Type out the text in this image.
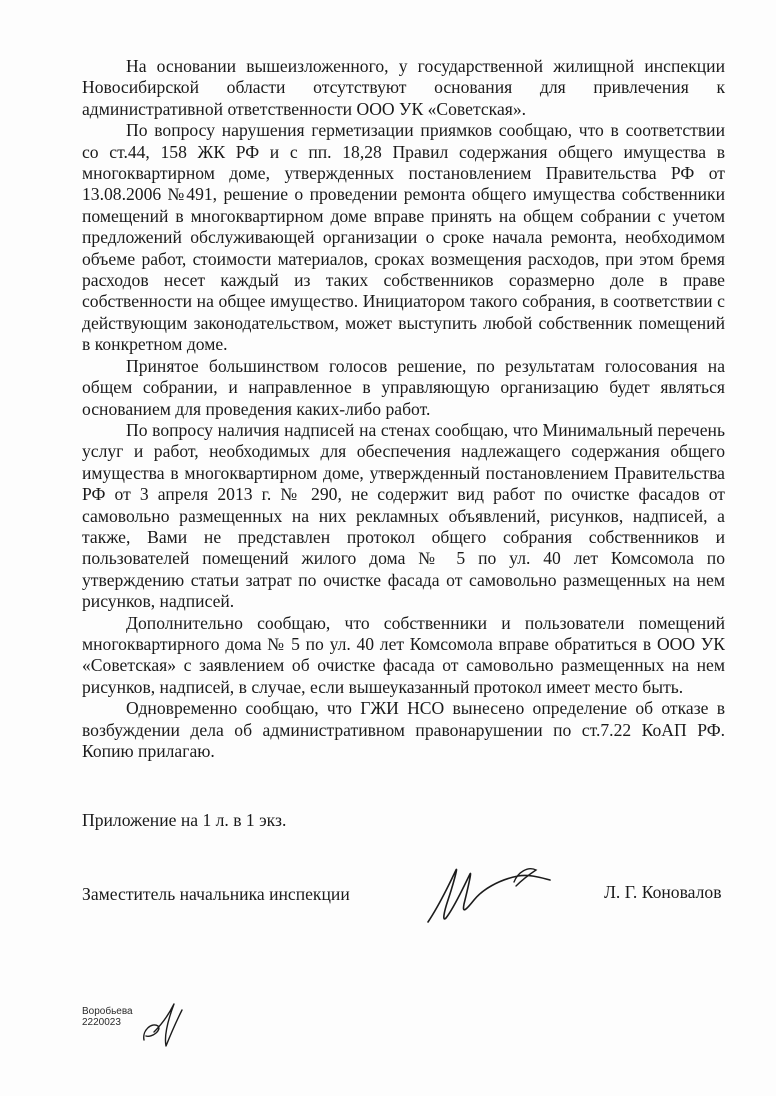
На основании вышеизложенного, у государственной жилищной инспекции Новосибирской области отсутствуют основания для привлечения к административной ответственности ООО УК «Советская».

По вопросу нарушения герметизации приямков сообщаю, что в соответствии со ст.44, 158 ЖК РФ и с пп. 18,28 Правил содержания общего имущества в многоквартирном доме, утвержденных постановлением Правительства РФ от 13.08.2006 №491, решение о проведении ремонта общего имущества собственники помещений в многоквартирном доме вправе принять на общем собрании с учетом предложений обслуживающей организации о сроке начала ремонта, необходимом объеме работ, стоимости материалов, сроках возмещения расходов, при этом бремя расходов несет каждый из таких собственников соразмерно доле в праве собственности на общее имущество. Инициатором такого собрания, в соответствии с действующим законодательством, может выступить любой собственник помещений в конкретном доме.

Принятое большинством голосов решение, по результатам голосования на общем собрании, и направленное в управляющую организацию будет являться основанием для проведения каких-либо работ.

По вопросу наличия надписей на стенах сообщаю, что Минимальный перечень услуг и работ, необходимых для обеспечения надлежащего содержания общего имущества в многоквартирном доме, утвержденный постановлением Правительства РФ от 3 апреля 2013 г. № 290, не содержит вид работ по очистке фасадов от самовольно размещенных на них рекламных объявлений, рисунков, надписей, а также, Вами не представлен протокол общего собрания собственников и пользователей помещений жилого дома № 5 по ул. 40 лет Комсомола по утверждению статьи затрат по очистке фасада от самовольно размещенных на нем рисунков, надписей.

Дополнительно сообщаю, что собственники и пользователи помещений многоквартирного дома № 5 по ул. 40 лет Комсомола вправе обратиться в ООО УК «Советская» с заявлением об очистке фасада от самовольно размещенных на нем рисунков, надписей, в случае, если вышеуказанный протокол имеет место быть.

Одновременно сообщаю, что ГЖИ НСО вынесено определение об отказе в возбуждении дела об административном правонарушении по ст.7.22 КоАП РФ. Копию прилагаю.

Приложение на 1 л. в 1 экз.
Заместитель начальника инспекции	Л. Г. Коновалов
Воробьева
2220023
